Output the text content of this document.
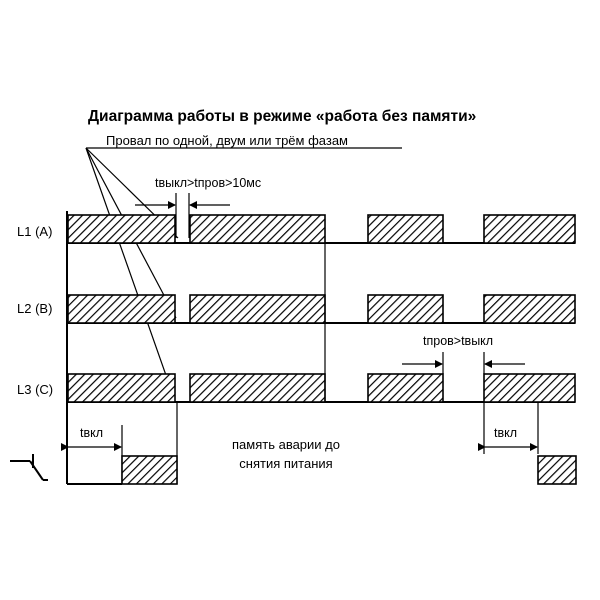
Диаграмма работы в режиме «работа без памяти»
Провал по одной, двум или трём фазам
L1 (A)
L2 (B)
L3 (C)
tвыкл>tпров>10мс
tпров>tвыкл
tвкл	tвкл
память аварии до
снятия питания
